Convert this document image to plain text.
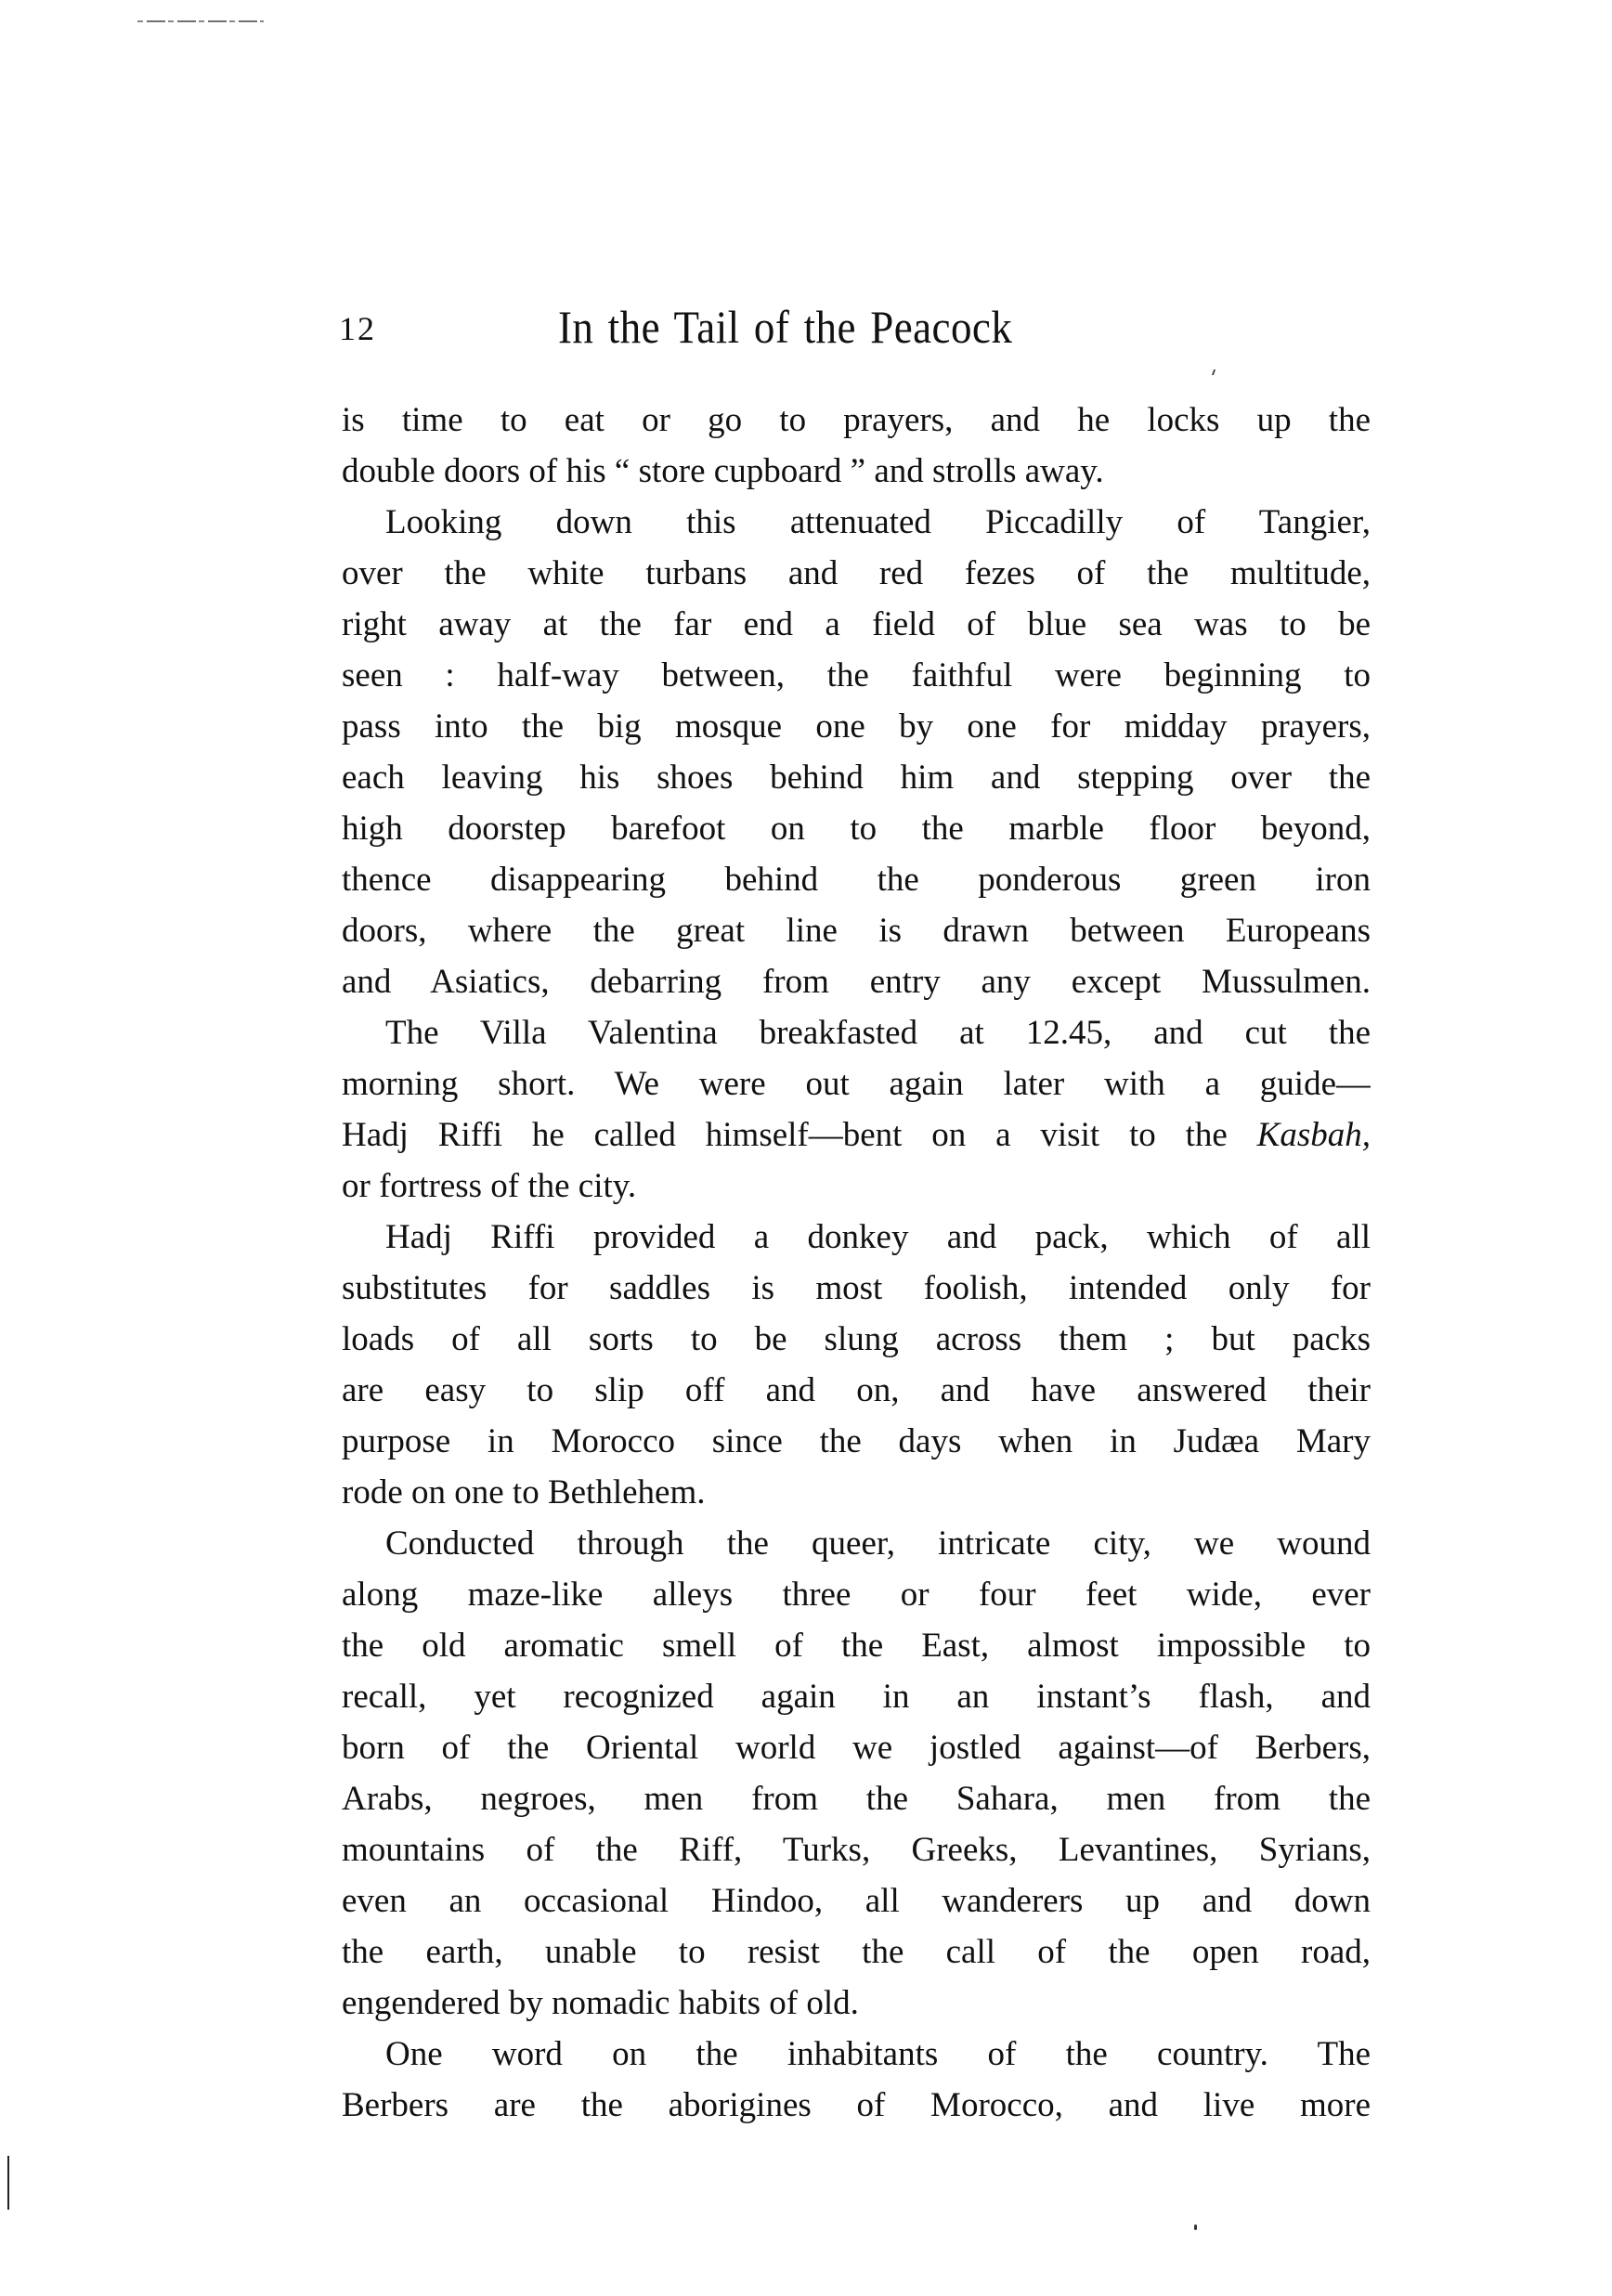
12	In the Tail of the Peacock
is time to eat or go to prayers, and he locks up the
double doors of his “ store cupboard ” and strolls away.
Looking down this attenuated Piccadilly of Tangier,
over the white turbans and red fezes of the multitude,
right away at the far end a field of blue sea was to be
seen : half-way between, the faithful were beginning to
pass into the big mosque one by one for midday prayers,
each leaving his shoes behind him and stepping over the
high doorstep barefoot on to the marble floor beyond,
thence disappearing behind the ponderous green iron
doors, where the great line is drawn between Europeans
and Asiatics, debarring from entry any except Mussulmen.
The Villa Valentina breakfasted at 12.45, and cut the
morning short. We were out again later with a guide—
Hadj Riffi he called himself—bent on a visit to the Kasbah,
or fortress of the city.
Hadj Riffi provided a donkey and pack, which of all
substitutes for saddles is most foolish, intended only for
loads of all sorts to be slung across them ; but packs
are easy to slip off and on, and have answered their
purpose in Morocco since the days when in Judæa Mary
rode on one to Bethlehem.
Conducted through the queer, intricate city, we wound
along maze-like alleys three or four feet wide, ever
the old aromatic smell of the East, almost impossible to
recall, yet recognized again in an instant’s flash, and
born of the Oriental world we jostled against—of Berbers,
Arabs, negroes, men from the Sahara, men from the
mountains of the Riff, Turks, Greeks, Levantines, Syrians,
even an occasional Hindoo, all wanderers up and down
the earth, unable to resist the call of the open road,
engendered by nomadic habits of old.
One word on the inhabitants of the country. The
Berbers are the aborigines of Morocco, and live more
